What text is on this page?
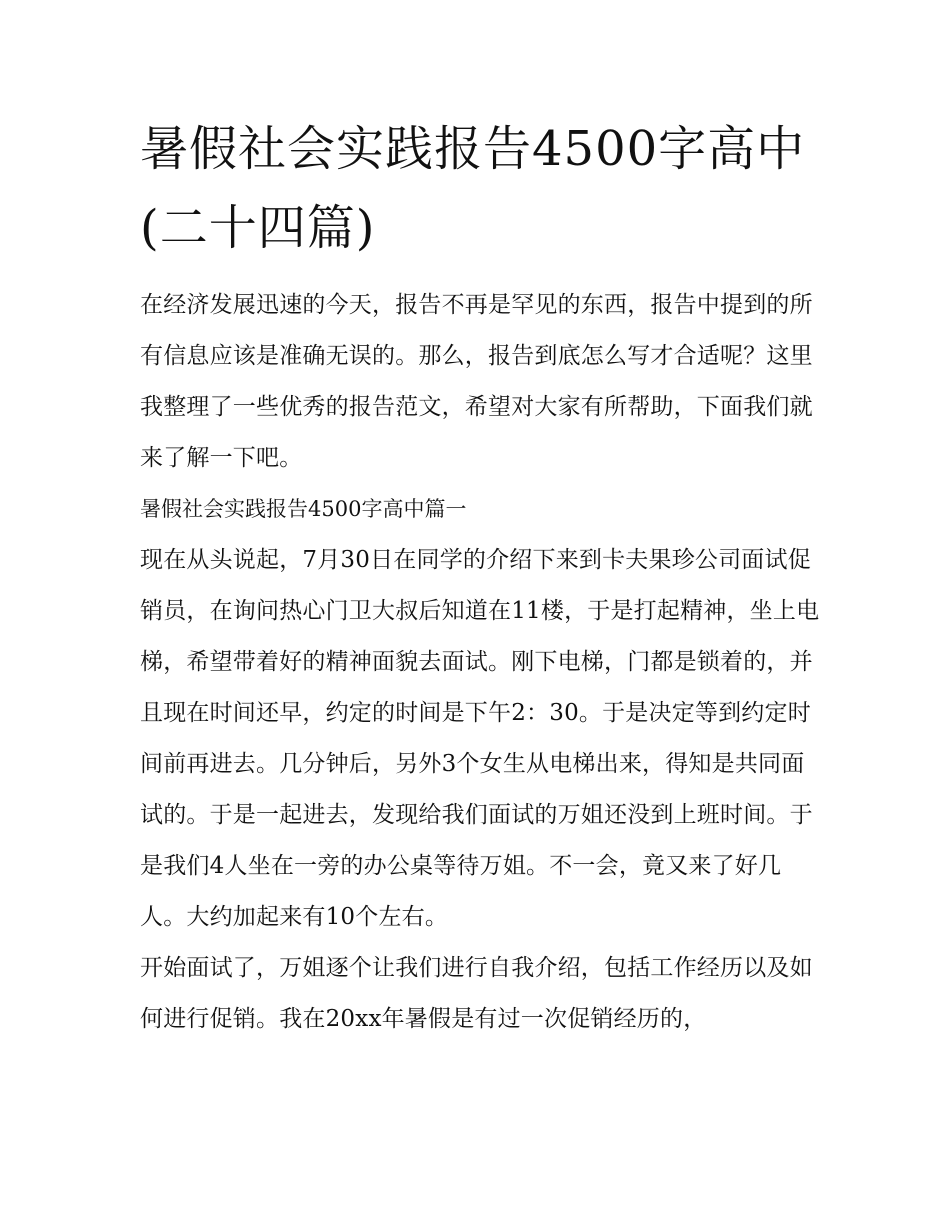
暑假社会实践报告4500字高中(二十四篇)

在经济发展迅速的今天，报告不再是罕见的东西，报告中提到的所有信息应该是准确无误的。那么，报告到底怎么写才合适呢？这里我整理了一些优秀的报告范文，希望对大家有所帮助，下面我们就来了解一下吧。

暑假社会实践报告4500字高中篇一

现在从头说起，7月30日在同学的介绍下来到卡夫果珍公司面试促销员，在询问热心门卫大叔后知道在11楼，于是打起精神，坐上电梯，希望带着好的精神面貌去面试。刚下电梯，门都是锁着的，并且现在时间还早，约定的时间是下午2：30。于是决定等到约定时间前再进去。几分钟后，另外3个女生从电梯出来，得知是共同面试的。于是一起进去，发现给我们面试的万姐还没到上班时间。于是我们4人坐在一旁的办公桌等待万姐。不一会，竟又来了好几人。大约加起来有10个左右。

开始面试了，万姐逐个让我们进行自我介绍，包括工作经历以及如何进行促销。我在20xx年暑假是有过一次促销经历的，
